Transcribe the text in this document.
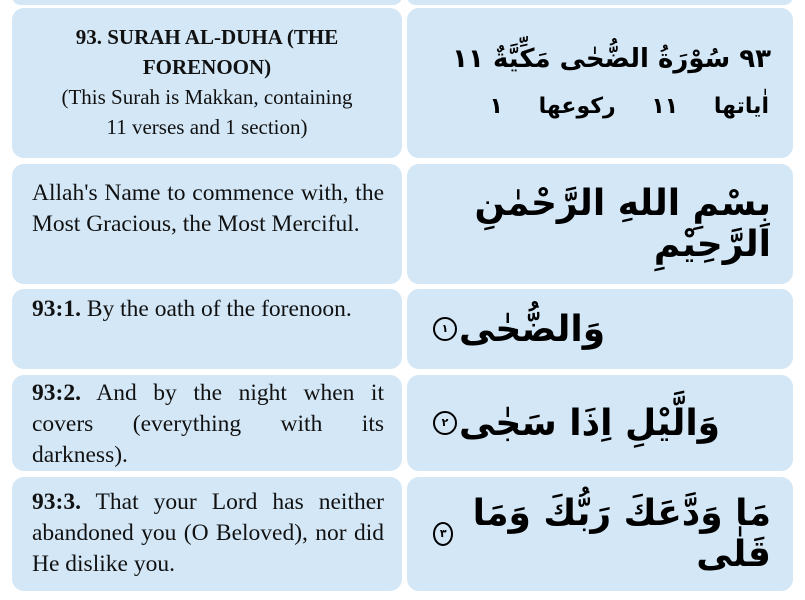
93. SURAH AL-DUHA (THE
FORENOON)
(This Surah is Makkan, containing
11 verses and 1 section)
۹۳ سُوْرَةُ الضُّحٰى مَكِّيَّةٌ ١١
اٰياتها ١١ ركوعها ١
Allah's Name to commence with, the Most Gracious, the Most Merciful.	بِسْمِ اللهِ الرَّحْمٰنِ الرَّحِيْمِ
93:1. By the oath of the forenoon.	وَالضُّحٰى
١
93:2. And by the night when it covers (everything with its darkness).
وَالَّيْلِ اِذَا سَجٰى
٢
93:3. That your Lord has neither abandoned you (O Beloved), nor did He dislike you.
مَا وَدَّعَكَ رَبُّكَ وَمَا قَلٰى
٣
